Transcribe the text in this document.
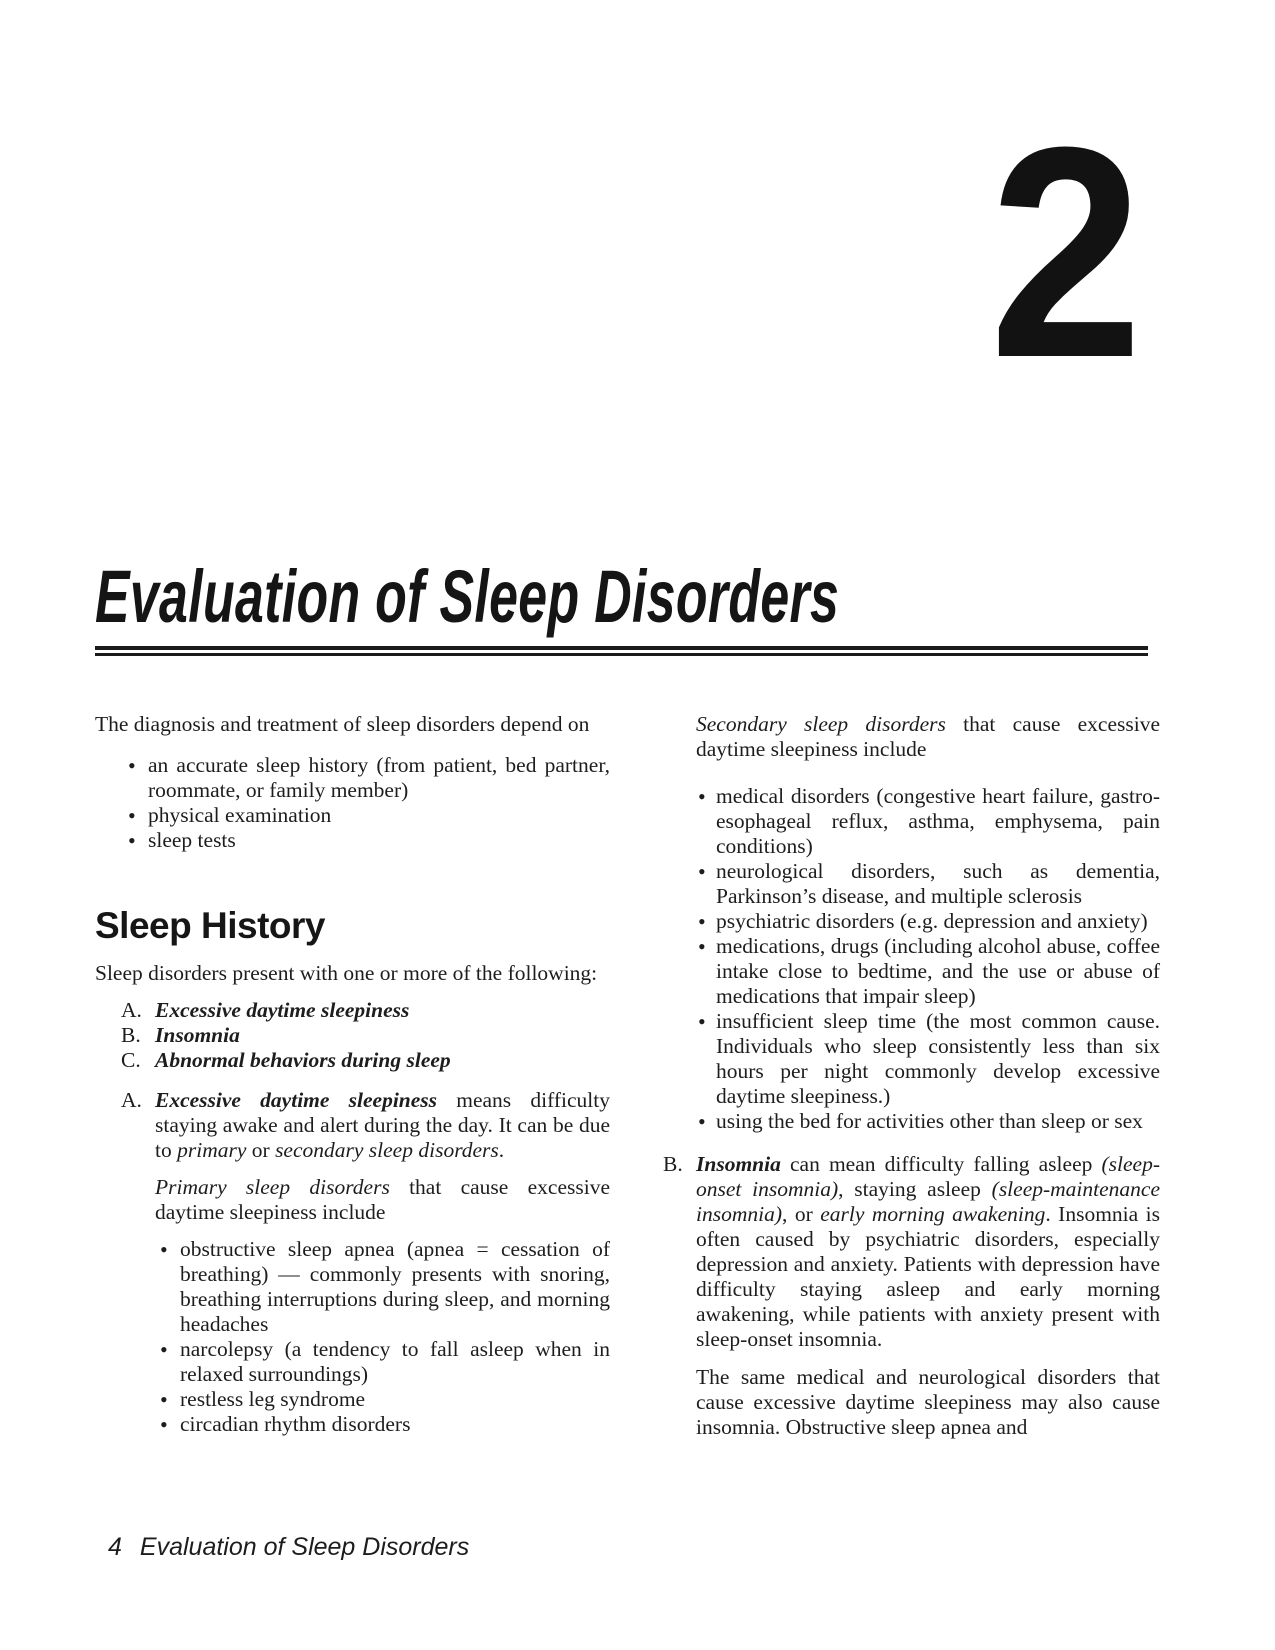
2
Evaluation of Sleep Disorders

The diagnosis and treatment of sleep disorders depend on

• an accurate sleep history (from patient, bed partner, roommate, or family member)
• physical examination
• sleep tests
Sleep History

Sleep disorders present with one or more of the following:

A. Excessive daytime sleepiness
B. Insomnia
C. Abnormal behaviors during sleep
A. Excessive daytime sleepiness means difficulty staying awake and alert during the day. It can be due to primary or secondary sleep disorders.

Primary sleep disorders that cause excessive daytime sleepiness include

• obstructive sleep apnea (apnea = cessation of breathing) — commonly presents with snoring, breathing interruptions during sleep, and morning headaches
• narcolepsy (a tendency to fall asleep when in relaxed surroundings)
• restless leg syndrome
• circadian rhythm disorders

Secondary sleep disorders that cause excessive daytime sleepiness include

• medical disorders (congestive heart failure, gastro-esophageal reflux, asthma, emphysema, pain conditions)
• neurological disorders, such as dementia, Parkinson’s disease, and multiple sclerosis
• psychiatric disorders (e.g. depression and anxiety)
• medications, drugs (including alcohol abuse, coffee intake close to bedtime, and the use or abuse of medications that impair sleep)
• insufficient sleep time (the most common cause. Individuals who sleep consistently less than six hours per night commonly develop excessive daytime sleepiness.)
• using the bed for activities other than sleep or sex
B. Insomnia can mean difficulty falling asleep (sleep-onset insomnia), staying asleep (sleep-maintenance insomnia), or early morning awakening. Insomnia is often caused by psychiatric disorders, especially depression and anxiety. Patients with depression have difficulty staying asleep and early morning awakening, while patients with anxiety present with sleep-onset insomnia.

The same medical and neurological disorders that cause excessive daytime sleepiness may also cause insomnia. Obstructive sleep apnea and

4 Evaluation of Sleep Disorders
